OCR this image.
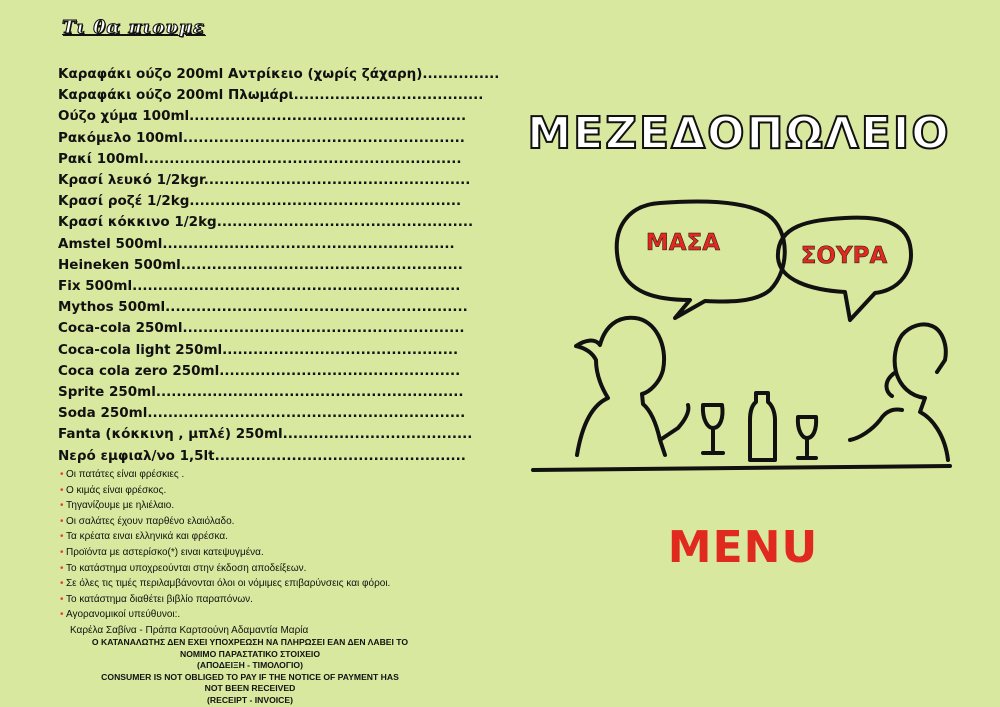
Τι θα πιουμε
Καραφάκι ούζο 200ml Αντρίκειο (χωρίς ζάχαρη)...............
Καραφάκι ούζο 200ml Πλωμάρι.....................................
Ούζο χύμα 100ml......................................................
Ρακόμελο 100ml.......................................................
Ρακί 100ml..............................................................
Κρασί λευκό 1/2kgr....................................................
Κρασί ροζέ 1/2kg.....................................................
Κρασί κόκκινο 1/2kg..................................................
Amstel 500ml.........................................................
Heineken 500ml.......................................................
Fix 500ml................................................................
Mythos 500ml...........................................................
Coca-cola 250ml.......................................................
Coca-cola light 250ml..............................................
Coca cola zero 250ml...............................................
Sprite 250ml............................................................
Soda 250ml..............................................................
Fanta (κόκκινη , μπλέ) 250ml.....................................
Νερό εμφιαλ/νο 1,5lt.................................................
• Οι πατάτες είναι φρέσκιες .
• Ο κιμάς είναι φρέσκος.
• Τηγανίζουμε με ηλιέλαιο.
• Οι σαλάτες έχουν παρθένο ελαιόλαδο.
• Τα κρέατα ειναι ελληνικά και φρέσκα.
• Προϊόντα με αστερίσκο(*) ειναι κατεψυγμένα.
• Το κατάστημα υποχρεούνται στην έκδοση αποδείξεων.
• Σε όλες τις τιμές περιλαμβάνονται όλοι οι νόμιμες επιβαρύνσεις και φόροι.
• Το κατάστημα διαθέτει βιβλίο παραπόνων.
• Αγορανομικοί υπεύθυνοι:.
Καρέλα Σαβίνα - Πράπα Καρτσούνη Αδαμαντία Μαρία
Ο ΚΑΤΑΝΑΛΩΤΗΣ ΔΕΝ ΕΧΕΙ ΥΠΟΧΡΕΩΣΗ ΝΑ ΠΛΗΡΩΣΕΙ ΕΑΝ ΔΕΝ ΛΑΒΕΙ ΤΟ
ΝΟΜΙΜΟ ΠΑΡΑΣΤΑΤΙΚΟ ΣΤΟΙΧΕΙΟ
(ΑΠΟΔΕΙΞΗ - ΤΙΜΟΛΟΓΙΟ)
CONSUMER IS NOT OBLIGED TO PAY IF THE NOTICE OF PAYMENT HAS
NOT BEEN RECEIVED
(RECEIPT - INVOICE)
ΜΕΖΕΔΟΠΩΛΕΙΟ
ΜΑΣΑ	ΣΟΥΡΑ
MENU
